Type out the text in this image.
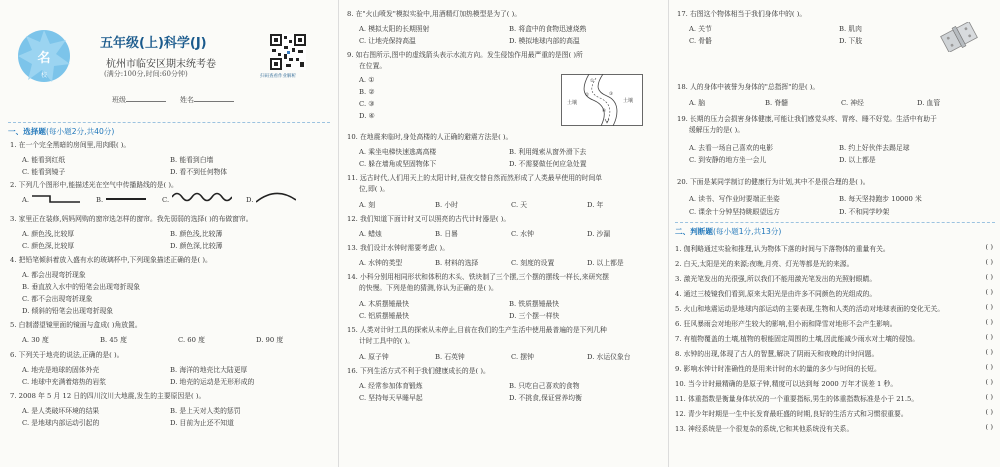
名
校
五年级(上)科学(J)
扫码查看作业解析
杭州市临安区期末统考卷
(满分:100分,时间:60分钟)
班级	姓名
一、选择题(每小题2分,共40分)
1. 在一个完全黑暗的房间里,用肉眼( )。
A. 能看到红纸	B. 能看到白墙
C. 能看到镜子	D. 看不到任何物体
2. 下列几个图形中,能描述光在空气中传播路线的是( )。
A.	B.	C.	D.
3. 家里正在装修,妈妈网购的窗帘选怎样的窗帘。我先弱弱的选择( )的布做窗帘。
A. 颜色浅,比较厚	B. 颜色浅,比较薄
C. 颜色深,比较厚	D. 颜色深,比较薄
4. 把铅笔倾斜着放入盛有水的玻璃杯中,下列现象描述正确的是( )。
A. 都会出现弯折现象
B. 垂直放入水中的铅笔会出现弯折现象
C. 都不会出现弯折现象
D. 倾斜的铅笔会出现弯折现象
5. 白制潜望镜里面的镜面与盒成( )角放置。
A. 30 度	B. 45 度	C. 60 度	D. 90 度
6. 下列关于地壳的说法,正确的是( )。
A. 地壳是地球的固体外壳	B. 海洋的地壳比大陆更厚
C. 地球中充满着熔热的岩浆	D. 地壳的运动是无形形成的
7. 2008 年 5 月 12 日的四川汶川大地震,发生的主要原因是( )。
A. 是人类破坏环境的结果	B. 是上天对人类的惩罚
C. 是地球内部运动引起的	D. 目前为止还不知道
8. 在"火山喷发"模拟实验中,用酒精灯加热模型是为了( )。
A. 模拟太阳的长期照射	B. 将盒中的食物迅速烧熟
C. 让地壳保持高温	D. 模拟地球内部的高温
9. 如右图所示,图中的虚线箭头表示水流方向。发生侵蚀作用最严重的是图( )所
在位置。
A. ①
B. ②
C. ③
D. ④
①
②	③
④
土壤	土壤
10. 在地震来临时,身处高楼的人正确的避震方法是( )。
A. 乘坐电梯快速逃离高楼	B. 利用绳索从窗外滑下去
C. 躲在墙角或坚固物体下	D. 不需要做任何应急处置
11. 远古时代,人们用天上的太阳计时,昼夜交替自然而然形成了人类最早使用的时间单
位,即( )。
A. 刻	B. 小时	C. 天	D. 年
12. 我们知道下面计时又可以照亮的古代计时器是( )。
A. 蜡烛	B. 日晷	C. 水钟	D. 沙漏
13. 我们设计水钟时需要考虑( )。
A. 水钟的类型	B. 材料的选择	C. 刻度的设置	D. 以上都是
14. 小科分别用相同形状和体积的木头、铁块制了三个摆,三个摆的摆线一样长,来研究摆
的快慢。下列是他的猜测,你认为正确的是( )。
A. 木质摆锤最快	B. 铁质摆锤最快
C. 铝质摆锤最快	D. 三个摆一样快
15. 人类对计时工具的探索从未停止,目前在我们的生产生活中使用最普遍的是下列几种
计时工具中的( )。
A. 原子钟	B. 石英钟	C. 摆钟	D. 水运仪象台
16. 下列生活方式不利于我们健康成长的是( )。
A. 经常参加体育锻炼	B. 只吃自己喜欢的食物
C. 坚持每天早睡早起	D. 不挑食,保证营养均衡
17. 右图这个物体相当于我们身体中的( )。
A. 关节	B. 肌肉
C. 骨骼	D. 下肢
18. 人的身体中被誉为身体的"总指挥"的是( )。
A. 脑	B. 脊髓	C. 神经	D. 血管
19. 长期的压力会损害身体健康,可能让我们感觉头疼、胃疼、睡不好觉。生活中有助于
缓解压力的是( )。
A. 去看一场自己喜欢的电影	B. 约上好伙伴去踢足球
C. 到安静的地方坐一会儿	D. 以上都是
20. 下面是某同学制订的健康行为计划,其中不是很合理的是( )。
A. 读书、写作业时要端正坐姿	B. 每天坚持跑步 10000 米
C. 课余十分钟坚持眺眼望远方	D. 不和同学吵架
二、判断题(每小题1分,共13分)
1. 伽利略通过实验和推理,认为物体下落的时间与下落物体的重量有关。	( )
2. 白天,太阳是光的来源;夜晚,月亮、灯光等都是光的来源。	( )
3. 激光笔发出的光很强,所以我们不能用激光笔发出的光照射眼睛。	( )
4. 通过三棱镜我们看到,原来太阳光是由许多不同颜色的光组成的。	( )
5. 火山和地震运动是地球内部运动的主要表现,生物和人类的活动对地球表面的变化无关。	( )
6. 狂风暴雨会对地形产生较大的影响,但小雨和降雪对地形不会产生影响。	( )
7. 有植物覆盖的土壤,植物的根能固定周围的土壤,因此能减少雨水对土壤的侵蚀。	( )
8. 水钟的出现,体现了古人的智慧,解决了阴雨天和夜晚的计时问题。	( )
9. 影响水钟计时准确性的是用来计时的水的量的多少与时间的长短。	( )
10. 当今计时最精确的是原子钟,精度可以达到每 2000 万年才误差 1 秒。	( )
11. 体重指数是衡量身体状况的一个重要指标,男生的体重指数标准是小于 21.5。	( )
12. 青少年时期是一生中长发育最旺盛的时期,良好的生活方式和习惯很重要。	( )
13. 神经系统是一个很复杂的系统,它和其他系统没有关系。	( )
